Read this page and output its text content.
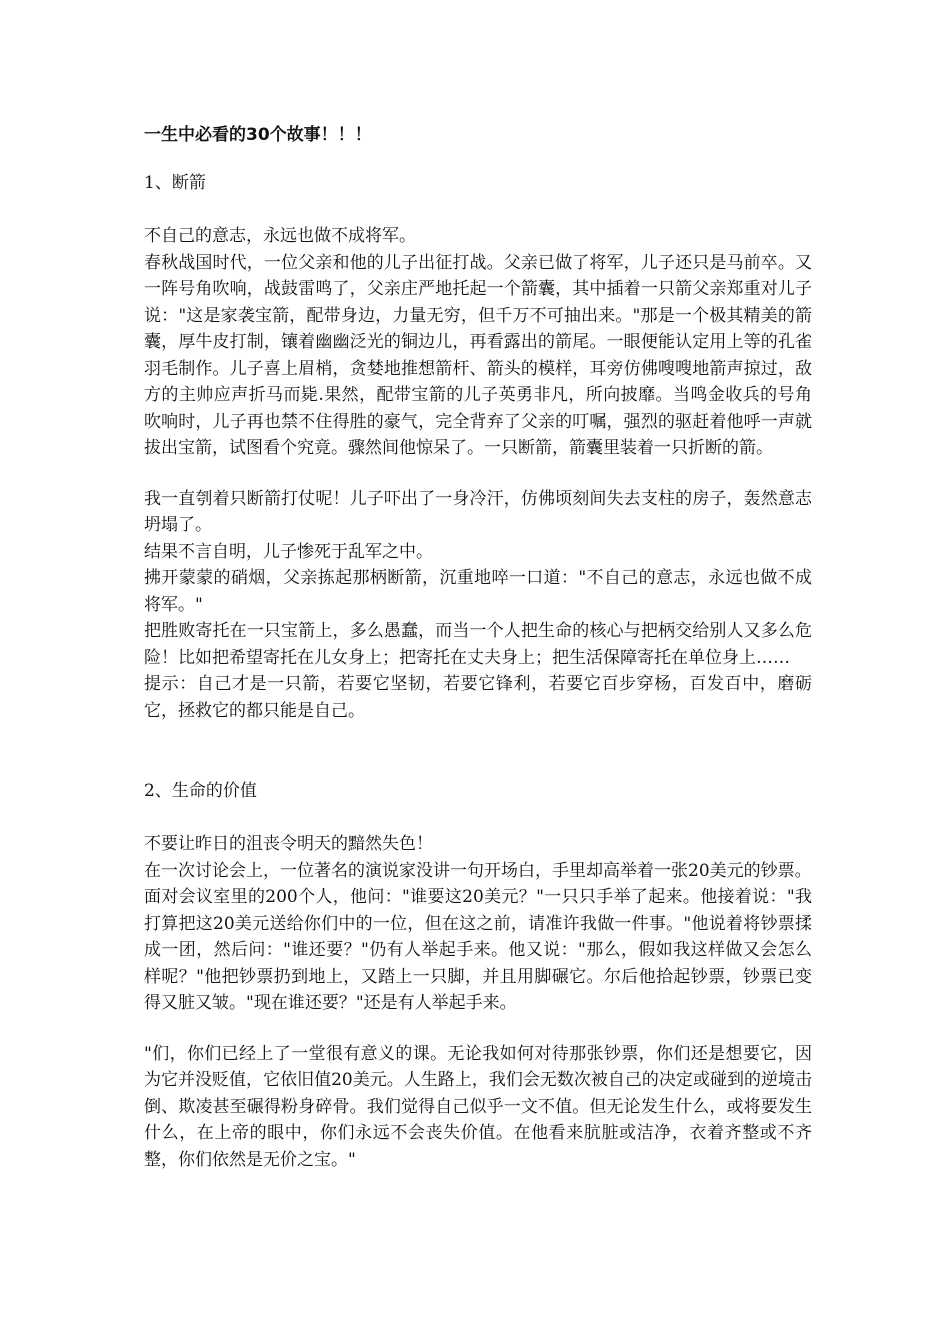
一生中必看的30个故事！！！
1、断箭

不自己的意志，永远也做不成将军。

春秋战国时代，一位父亲和他的儿子出征打战。父亲已做了将军，儿子还只是马前卒。又一阵号角吹响，战鼓雷鸣了，父亲庄严地托起一个箭囊，其中插着一只箭父亲郑重对儿子说："这是家袭宝箭，配带身边，力量无穷，但千万不可抽出来。"那是一个极其精美的箭囊，厚牛皮打制，镶着幽幽泛光的铜边儿，再看露出的箭尾。一眼便能认定用上等的孔雀羽毛制作。儿子喜上眉梢，贪婪地推想箭杆、箭头的模样，耳旁仿佛嗖嗖地箭声掠过，敌方的主帅应声折马而毙.果然，配带宝箭的儿子英勇非凡，所向披靡。当鸣金收兵的号角吹响时，儿子再也禁不住得胜的豪气，完全背弃了父亲的叮嘱，强烈的驱赶着他呼一声就拔出宝箭，试图看个究竟。骤然间他惊呆了。一只断箭，箭囊里装着一只折断的箭。

我一直刳着只断箭打仗呢！儿子吓出了一身冷汗，仿佛顷刻间失去支柱的房子，轰然意志坍塌了。

结果不言自明，儿子惨死于乱军之中。

拂开蒙蒙的硝烟，父亲拣起那柄断箭，沉重地啐一口道："不自己的意志，永远也做不成将军。"

把胜败寄托在一只宝箭上，多么愚蠢，而当一个人把生命的核心与把柄交给别人又多么危险！比如把希望寄托在儿女身上；把寄托在丈夫身上；把生活保障寄托在单位身上……

提示：自己才是一只箭，若要它坚韧，若要它锋利，若要它百步穿杨，百发百中，磨砺它，拯救它的都只能是自己。

2、生命的价值

不要让昨日的沮丧令明天的黯然失色！

在一次讨论会上，一位著名的演说家没讲一句开场白，手里却高举着一张20美元的钞票。

面对会议室里的200个人，他问："谁要这20美元？"一只只手举了起来。他接着说："我打算把这20美元送给你们中的一位，但在这之前，请准许我做一件事。"他说着将钞票揉成一团，然后问："谁还要？"仍有人举起手来。他又说："那么，假如我这样做又会怎么样呢？"他把钞票扔到地上，又踏上一只脚，并且用脚碾它。尔后他拾起钞票，钞票已变得又脏又皱。"现在谁还要？"还是有人举起手来。

"们，你们已经上了一堂很有意义的课。无论我如何对待那张钞票，你们还是想要它，因为它并没贬值，它依旧值20美元。人生路上，我们会无数次被自己的决定或碰到的逆境击倒、欺凌甚至碾得粉身碎骨。我们觉得自己似乎一文不值。但无论发生什么，或将要发生什么，在上帝的眼中，你们永远不会丧失价值。在他看来肮脏或洁净，衣着齐整或不齐整，你们依然是无价之宝。"
